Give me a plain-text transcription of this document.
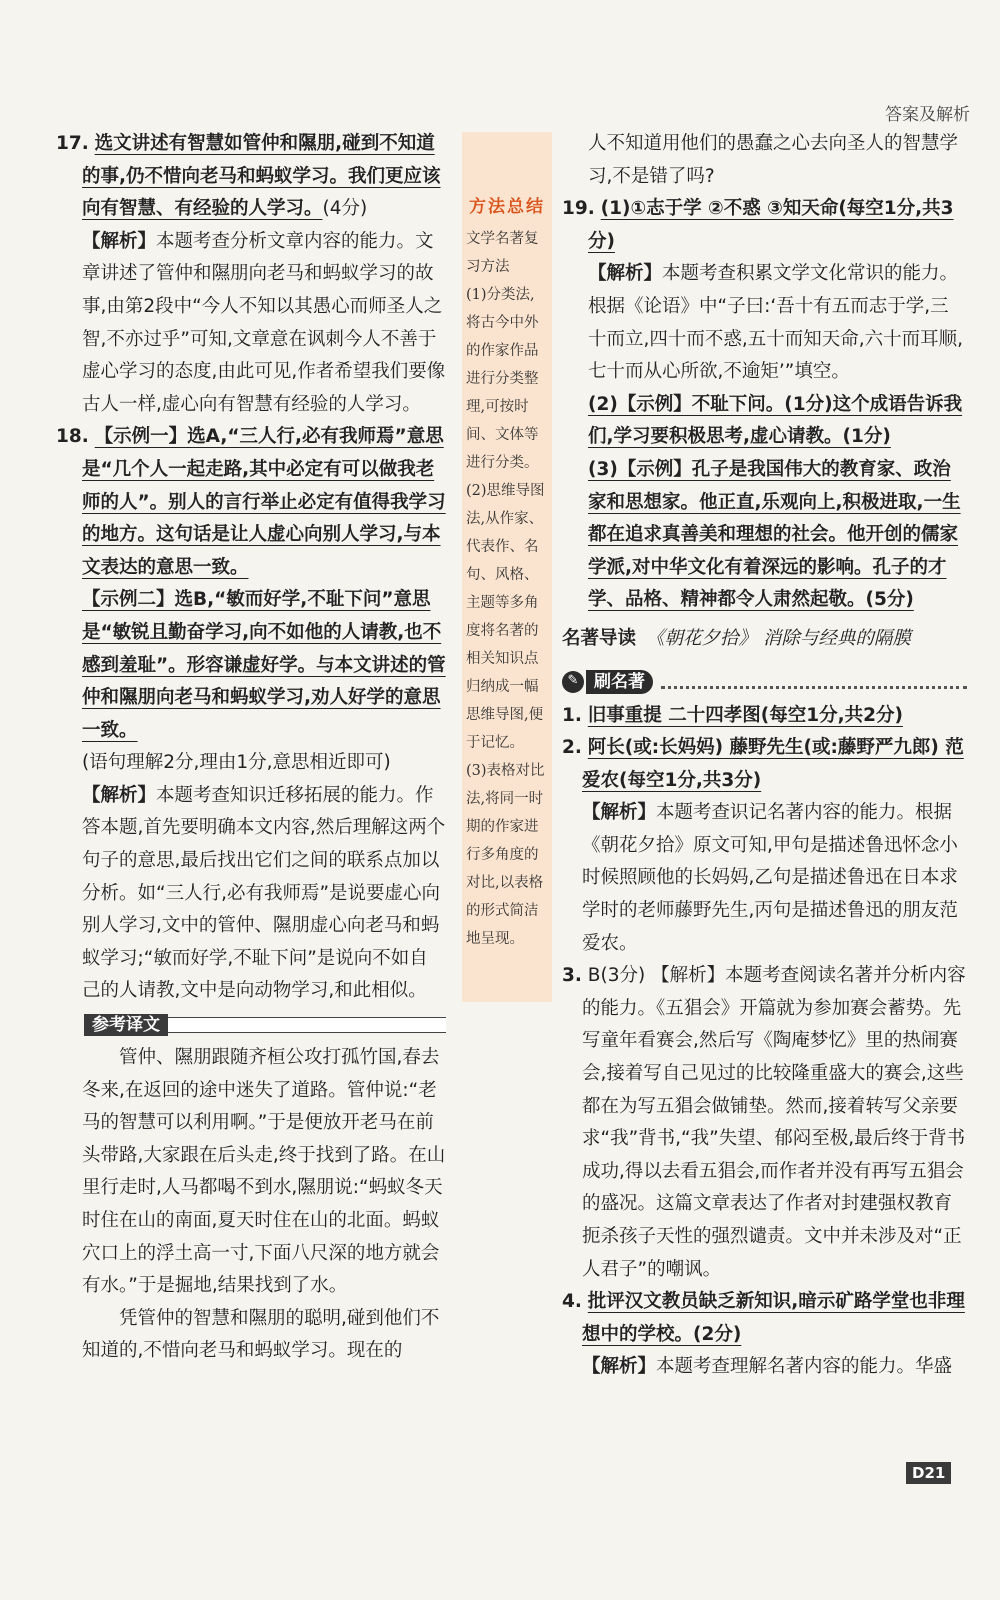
答案及解析

17. 选文讲述有智慧如管仲和隰朋,碰到不知道的事,仍不惜向老马和蚂蚁学习。我们更应该向有智慧、有经验的人学习。(4分)

【解析】本题考查分析文章内容的能力。文章讲述了管仲和隰朋向老马和蚂蚁学习的故事,由第2段中“今人不知以其愚心而师圣人之智,不亦过乎”可知,文章意在讽刺今人不善于虚心学习的态度,由此可见,作者希望我们要像古人一样,虚心向有智慧有经验的人学习。

18. 【示例一】选A,“三人行,必有我师焉”意思是“几个人一起走路,其中必定有可以做我老师的人”。别人的言行举止必定有值得我学习的地方。这句话是让人虚心向别人学习,与本文表达的意思一致。

【示例二】选B,“敏而好学,不耻下问”意思是“敏锐且勤奋学习,向不如他的人请教,也不感到羞耻”。形容谦虚好学。与本文讲述的管仲和隰朋向老马和蚂蚁学习,劝人好学的意思一致。

(语句理解2分,理由1分,意思相近即可)

【解析】本题考查知识迁移拓展的能力。作答本题,首先要明确本文内容,然后理解这两个句子的意思,最后找出它们之间的联系点加以分析。如“三人行,必有我师焉”是说要虚心向别人学习,文中的管仲、隰朋虚心向老马和蚂蚁学习;“敏而好学,不耻下问”是说向不如自己的人请教,文中是向动物学习,和此相似。

参考译文

管仲、隰朋跟随齐桓公攻打孤竹国,春去冬来,在返回的途中迷失了道路。管仲说:“老马的智慧可以利用啊。”于是便放开老马在前头带路,大家跟在后头走,终于找到了路。在山里行走时,人马都喝不到水,隰朋说:“蚂蚁冬天时住在山的南面,夏天时住在山的北面。蚂蚁穴口上的浮土高一寸,下面八尺深的地方就会有水。”于是掘地,结果找到了水。

凭管仲的智慧和隰朋的聪明,碰到他们不知道的,不惜向老马和蚂蚁学习。现在的

方法总结
文学名著复习方法
(1)分类法,将古今中外的作家作品进行分类整理,可按时间、文体等进行分类。
(2)思维导图法,从作家、代表作、名句、风格、主题等多角度将名著的相关知识点归纳成一幅思维导图,便于记忆。
(3)表格对比法,将同一时期的作家进行多角度的对比,以表格的形式简洁地呈现。

人不知道用他们的愚蠢之心去向圣人的智慧学习,不是错了吗?

19. (1)①志于学 ②不惑 ③知天命(每空1分,共3分)

【解析】本题考查积累文学文化常识的能力。根据《论语》中“子曰:‘吾十有五而志于学,三十而立,四十而不惑,五十而知天命,六十而耳顺,七十而从心所欲,不逾矩’”填空。

(2)【示例】不耻下问。(1分)这个成语告诉我们,学习要积极思考,虚心请教。(1分)

(3)【示例】孔子是我国伟大的教育家、政治家和思想家。他正直,乐观向上,积极进取,一生都在追求真善美和理想的社会。他开创的儒家学派,对中华文化有着深远的影响。孔子的才学、品格、精神都令人肃然起敬。(5分)

名著导读 《朝花夕拾》 消除与经典的隔膜

✎ 刷名著

1. 旧事重提 二十四孝图(每空1分,共2分)

2. 阿长(或:长妈妈) 藤野先生(或:藤野严九郎) 范爱农(每空1分,共3分)

【解析】本题考查识记名著内容的能力。根据《朝花夕拾》原文可知,甲句是描述鲁迅怀念小时候照顾他的长妈妈,乙句是描述鲁迅在日本求学时的老师藤野先生,丙句是描述鲁迅的朋友范爱农。

3. B(3分) 【解析】本题考查阅读名著并分析内容的能力。《五猖会》开篇就为参加赛会蓄势。先写童年看赛会,然后写《陶庵梦忆》里的热闹赛会,接着写自己见过的比较隆重盛大的赛会,这些都在为写五猖会做铺垫。然而,接着转写父亲要求“我”背书,“我”失望、郁闷至极,最后终于背书成功,得以去看五猖会,而作者并没有再写五猖会的盛况。这篇文章表达了作者对封建强权教育扼杀孩子天性的强烈谴责。文中并未涉及对“正人君子”的嘲讽。

4. 批评汉文教员缺乏新知识,暗示矿路学堂也非理想中的学校。(2分)

【解析】本题考查理解名著内容的能力。华盛

D21
